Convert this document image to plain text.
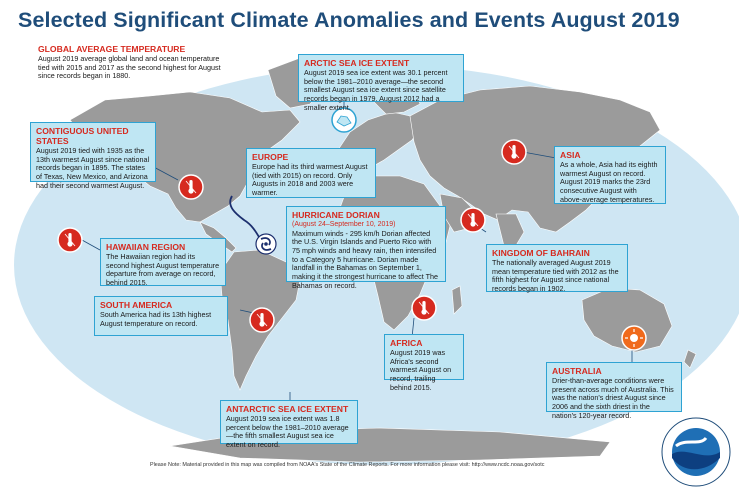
Selected Significant Climate Anomalies and Events August 2019
GLOBAL AVERAGE TEMPERATURE
August 2019 average global land and ocean temperature tied with 2015 and 2017 as the second highest for August since records began in 1880.
ARCTIC SEA ICE EXTENT
August 2019 sea ice extent was 30.1 percent below the 1981–2010 average—the second smallest August sea ice extent since satellite records began in 1979. August 2012 had a smaller extent.
CONTIGUOUS UNITED STATES
August 2019 tied with 1935 as the 13th warmest August since national records began in 1895. The states of Texas, New Mexico, and Arizona had their second warmest August.
EUROPE
Europe had its third warmest August (tied with 2015) on record. Only Augusts in 2018 and 2003 were warmer.
ASIA
As a whole, Asia had its eighth warmest August on record. August 2019 marks the 23rd consecutive August with above-average temperatures.
HURRICANE DORIAN
(August 24–September 10, 2019)
Maximum winds - 295 km/h Dorian affected the U.S. Virgin Islands and Puerto Rico with 75 mph winds and heavy rain, then intensifed to a Category 5 hurricane. Dorian made landfall in the Bahamas on September 1, making it the strongest hurricane to affect The Bahamas on record.
KINGDOM OF BAHRAIN
The nationally averaged August 2019 mean temperature tied with 2012 as the fifth highest for August since national records began in 1902.
HAWAIIAN REGION
The Hawaiian region had its second highest August temperature departure from average on record, behind 2015.
SOUTH AMERICA
South America had its 13th highest August temperature on record.
AFRICA
August 2019 was Africa's second warmest August on record, trailing behind 2015.
AUSTRALIA
Drier-than-average conditions were present across much of Australia. This was the nation's driest August since 2006 and the sixth driest in the nation's 120-year record.
ANTARCTIC SEA ICE EXTENT
August 2019 sea ice extent was 1.8 percent below the 1981–2010 average—the fifth smallest August sea ice extent on record.
Please Note: Material provided in this map was compiled from NOAA's State of the Climate Reports. For more information please visit: http://www.ncdc.noaa.gov/sotc
